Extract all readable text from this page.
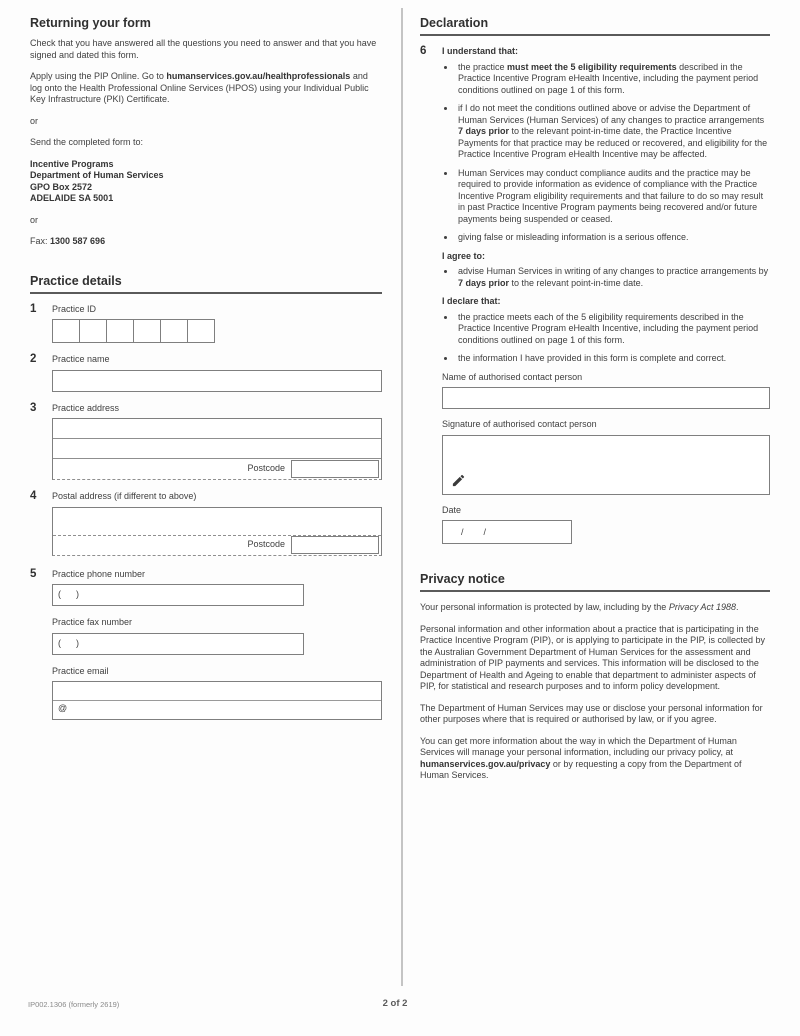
Returning your form

Check that you have answered all the questions you need to answer and that you have signed and dated this form.

Apply using the PIP Online. Go to humanservices.gov.au/healthprofessionals and log onto the Health Professional Online Services (HPOS) using your Individual Public Key Infrastructure (PKI) Certificate.

or

Send the completed form to:

Incentive Programs
Department of Human Services
GPO Box 2572
ADELAIDE SA 5001

or

Fax: 1300 587 696

Practice details
1	Practice ID
2	Practice name
3	Practice address
Postcode
4	Postal address (if different to above)
Postcode
5	Practice phone number
(      )
Practice fax number
(      )
Practice email
@
Declaration
6	I understand that:
• the practice must meet the 5 eligibility requirements described in the Practice Incentive Program eHealth Incentive, including the payment period conditions outlined on page 1 of this form.
• if I do not meet the conditions outlined above or advise the Department of Human Services (Human Services) of any changes to practice arrangements 7 days prior to the relevant point-in-time date, the Practice Incentive Payments for that practice may be reduced or recovered, and eligibility for the Practice Incentive Program eHealth Incentive may be affected.
• Human Services may conduct compliance audits and the practice may be required to provide information as evidence of compliance with the Practice Incentive Program eligibility requirements and that failure to do so may result in past Practice Incentive Program payments being recovered and/or future payments being suspended or ceased.
• giving false or misleading information is a serious offence.
I agree to:
• advise Human Services in writing of any changes to practice arrangements by 7 days prior to the relevant point-in-time date.
I declare that:
• the practice meets each of the 5 eligibility requirements described in the Practice Incentive Program eHealth Incentive, including the payment period conditions outlined on page 1 of this form.
• the information I have provided in this form is complete and correct.
Name of authorised contact person
Signature of authorised contact person
Date
/        /
Privacy notice

Your personal information is protected by law, including by the Privacy Act 1988.

Personal information and other information about a practice that is participating in the Practice Incentive Program (PIP), or is applying to participate in the PIP, is collected by the Australian Government Department of Human Services for the assessment and administration of PIP payments and services. This information will be disclosed to the Department of Health and Ageing to enable that department to administer aspects of PIP, for statistical and research purposes and to inform policy development.

The Department of Human Services may use or disclose your personal information for other purposes where that is required or authorised by law, or if you agree.

You can get more information about the way in which the Department of Human Services will manage your personal information, including our privacy policy, at humanservices.gov.au/privacy or by requesting a copy from the Department of Human Services.

IP002.1306 (formerly 2619)	2 of 2
